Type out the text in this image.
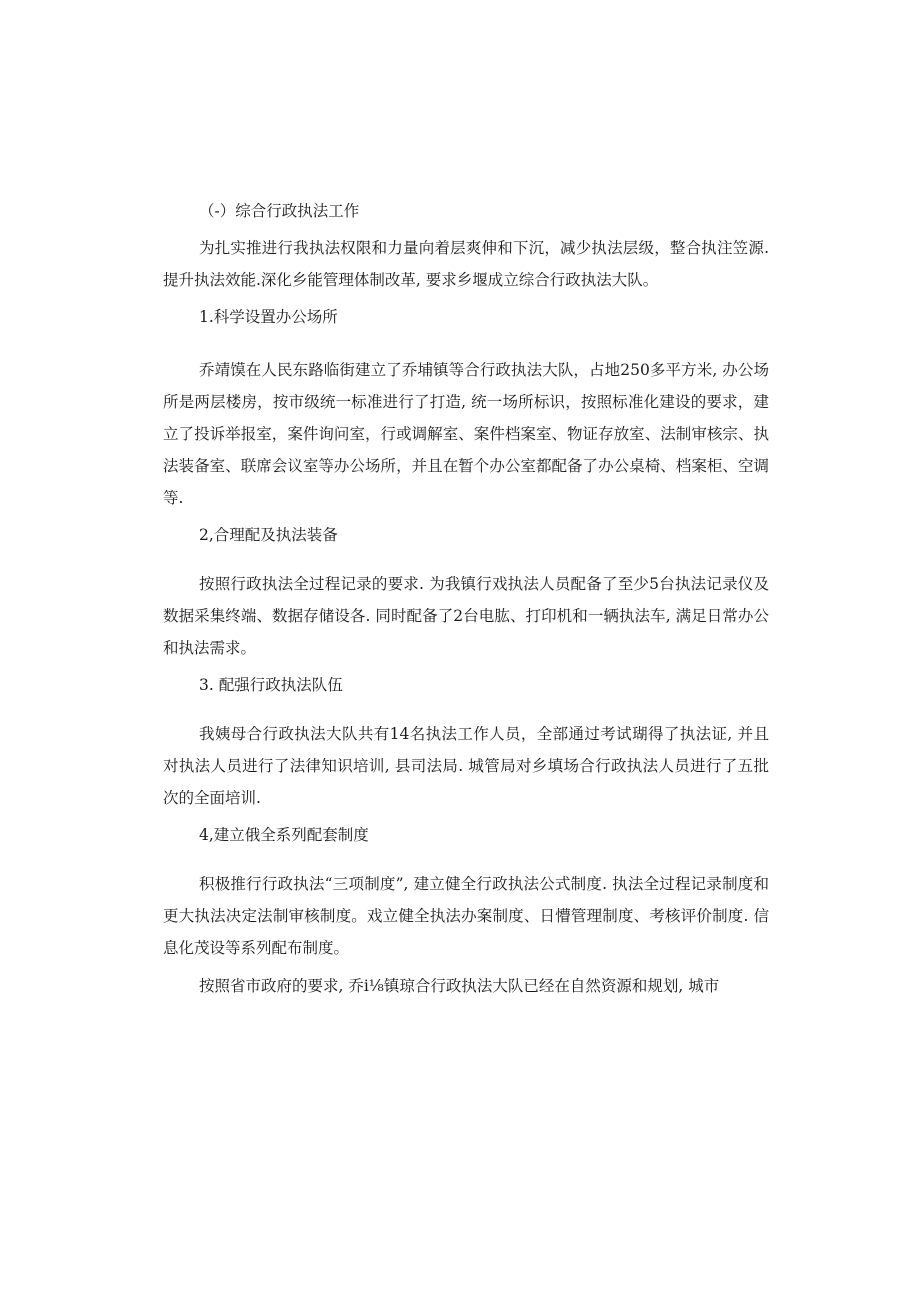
（-）综合行政执法工作

为扎实推进行我执法权限和力量向着层爽伸和下沉，减少执法层级，整合执注笠源.提升执法效能.深化乡能管理体制改革, 要求乡堰成立综合行政执法大队。

1.科学设置办公场所

乔靖馍在人民东路临街建立了乔埔镇等合行政执法大队，占地250多平方米, 办公场所是两层楼房，按市级统一标准进行了打造, 统一场所标识，按照标准化建设的要求，建立了投诉举报室，案件询问室，行或调解室、案件档案室、物证存放室、法制审核宗、执法装备室、联席会议室等办公场所，并且在暂个办公室都配备了办公桌椅、档案柜、空调等.

2,合理配及执法装备

按照行政执法全过程记录的要求. 为我镇行戏执法人员配备了至少5台执法记录仪及数据采集终端、数据存储设各. 同时配备了2台电肱、打印机和一辆执法车, 满足日常办公和执法需求。

3. 配强行政执法队伍

我姨母合行政执法大队共有14名执法工作人员，全部通过考试瑚得了执法证, 并且对执法人员进行了法律知识培训, 县司法局. 城管局对乡填场合行政执法人员进行了五批次的全面培训.

4,建立俄全系列配套制度

积极推行行政执法“三项制度”, 建立健全行政执法公式制度. 执法全过程记录制度和更大执法决定法制审核制度。戏立健全执法办案制度、日懵管理制度、考核评价制度. 信息化茂设等系列配布制度。

按照省市政府的要求, 乔i⅛镇琼合行政执法大队已经在自然资源和规划, 城市
